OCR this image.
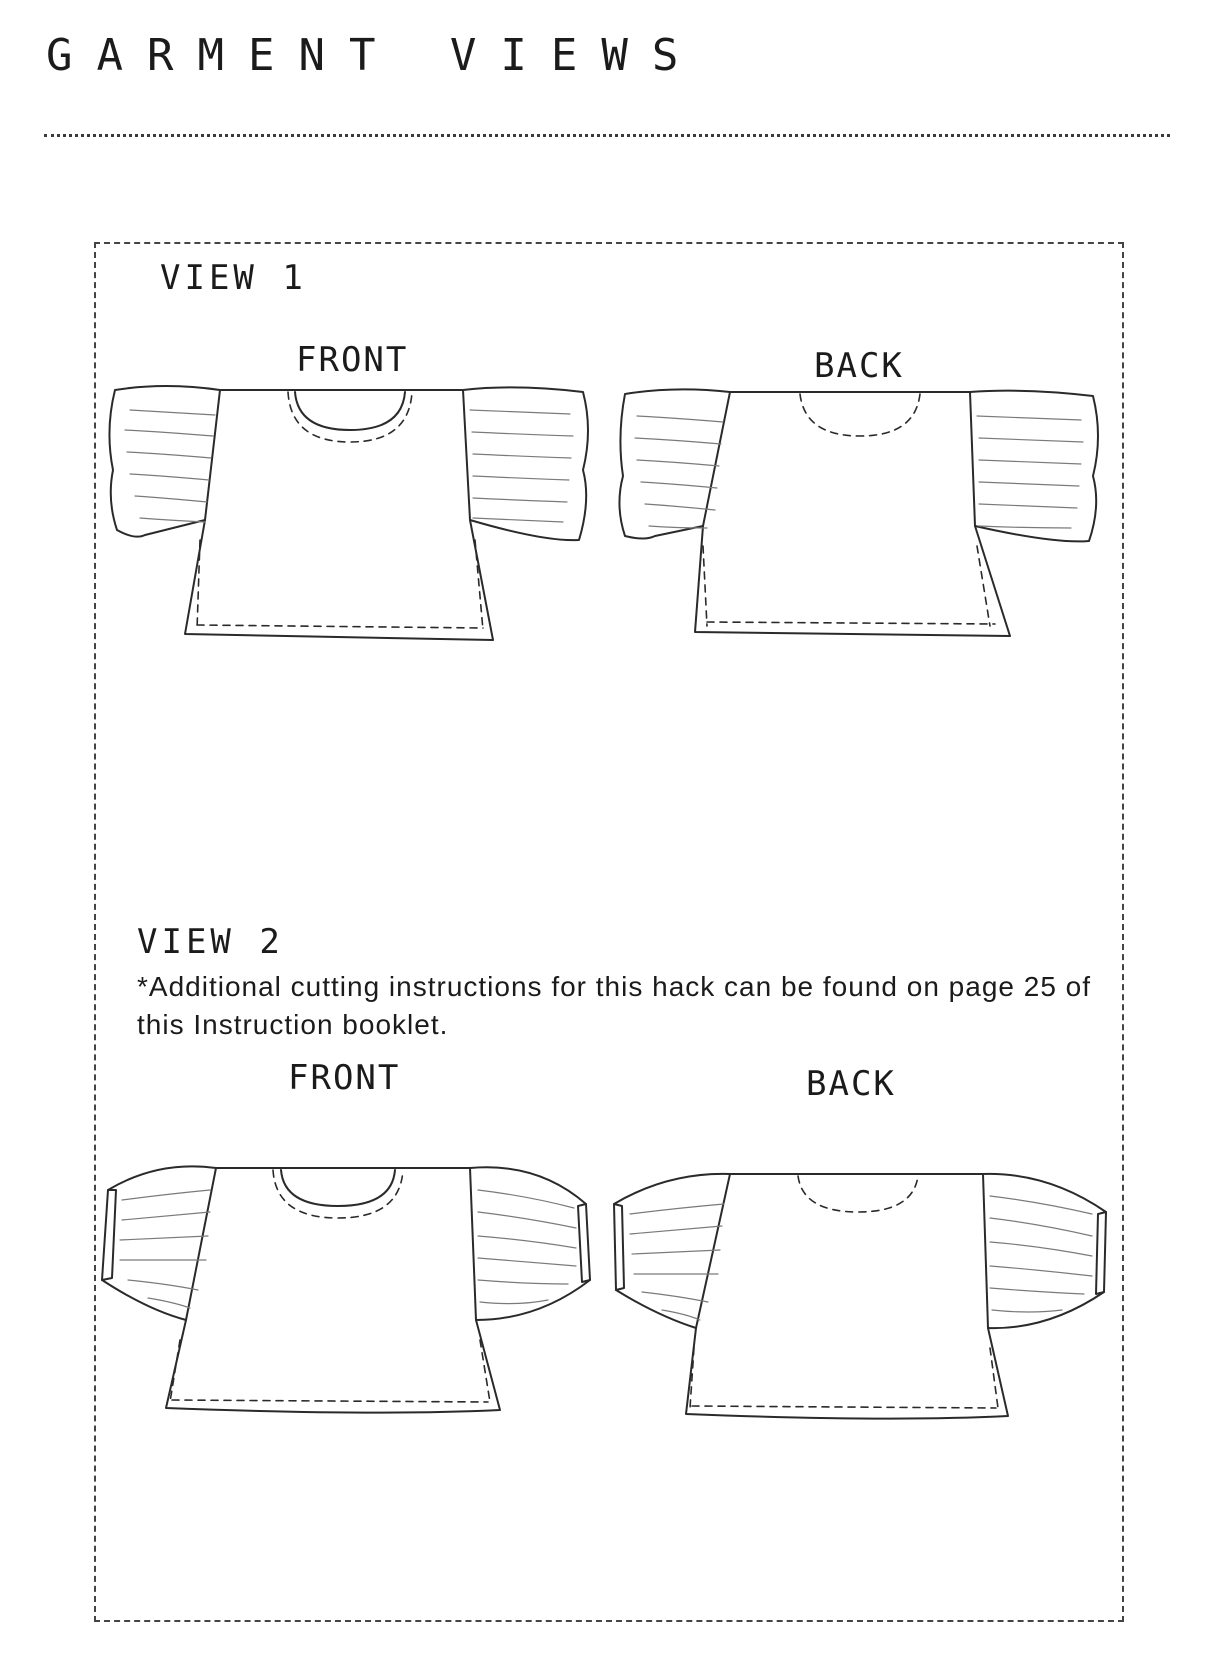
GARMENT VIEWS
VIEW 1
FRONT	BACK
VIEW 2
*Additional cutting instructions for this hack can be found on page 25 of this Instruction booklet.
FRONT	BACK
